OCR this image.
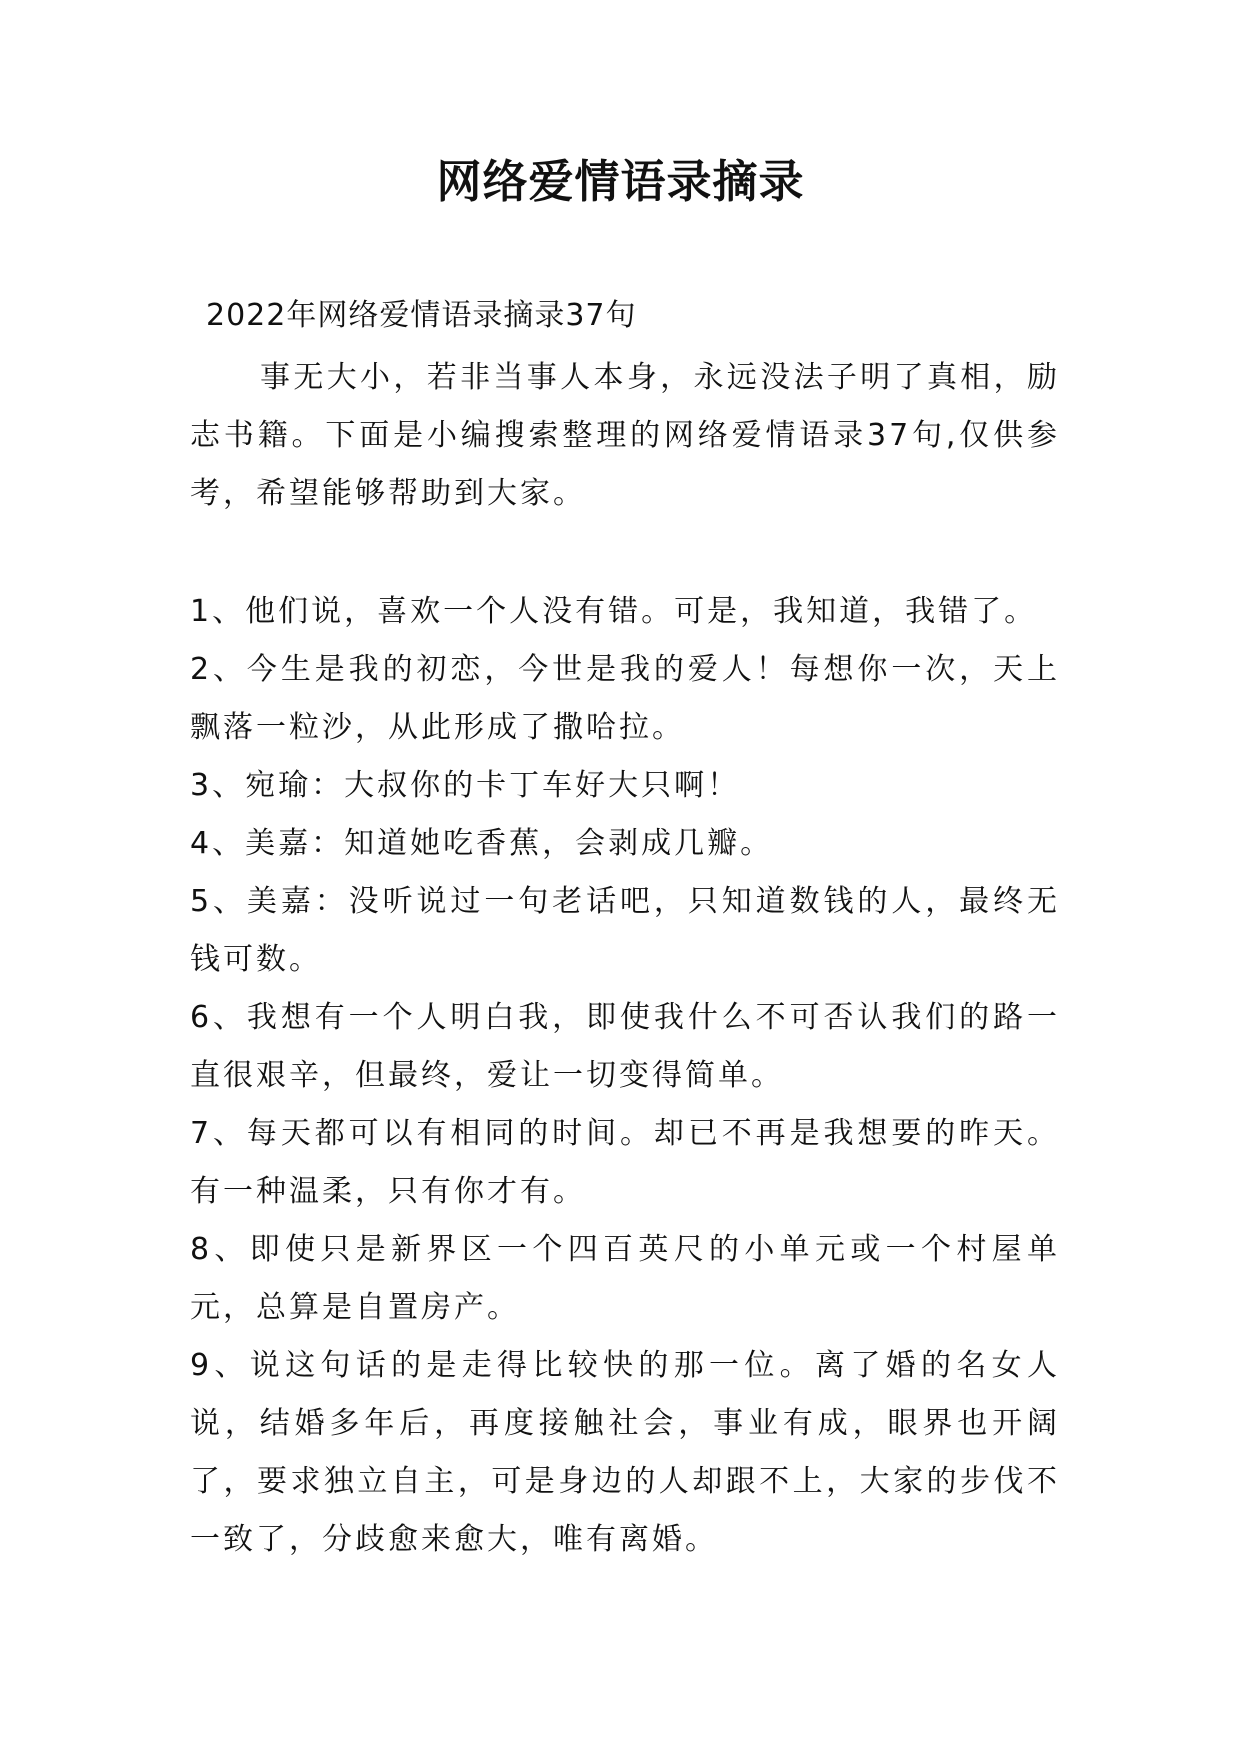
网络爱情语录摘录
2022年网络爱情语录摘录37句
事无大小，若非当事人本身，永远没法子明了真相，励志书籍。下面是小编搜索整理的网络爱情语录37句,仅供参考，希望能够帮助到大家。

1、他们说，喜欢一个人没有错。可是，我知道，我错了。

2、今生是我的初恋，今世是我的爱人！每想你一次，天上飘落一粒沙，从此形成了撒哈拉。

3、宛瑜：大叔你的卡丁车好大只啊！

4、美嘉：知道她吃香蕉，会剥成几瓣。

5、美嘉：没听说过一句老话吧，只知道数钱的人，最终无钱可数。

6、我想有一个人明白我，即使我什么不可否认我们的路一直很艰辛，但最终，爱让一切变得简单。

7、每天都可以有相同的时间。却已不再是我想要的昨天。有一种温柔，只有你才有。

8、即使只是新界区一个四百英尺的小单元或一个村屋单元，总算是自置房产。

9、说这句话的是走得比较快的那一位。离了婚的名女人说，结婚多年后，再度接触社会，事业有成，眼界也开阔了，要求独立自主，可是身边的人却跟不上，大家的步伐不一致了，分歧愈来愈大，唯有离婚。
